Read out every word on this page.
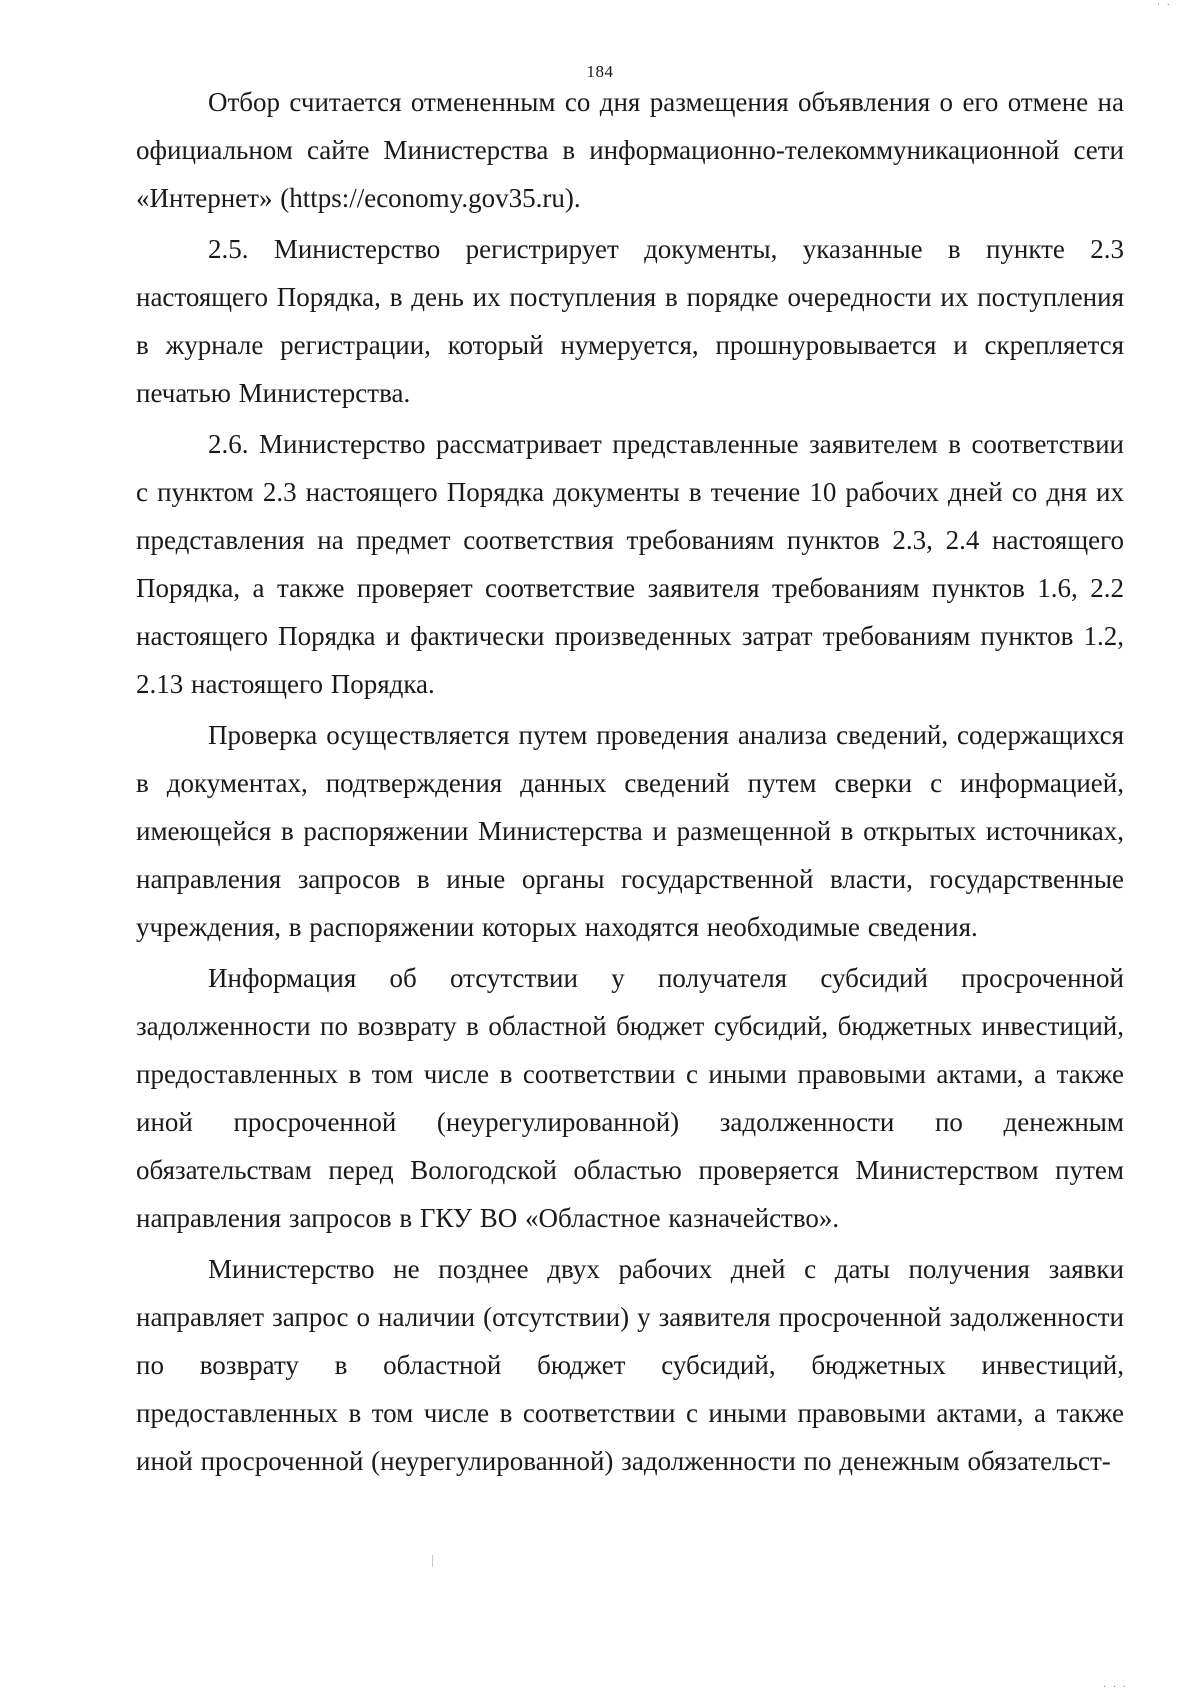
184

Отбор считается отмененным со дня размещения объявления о его отмене на официальном сайте Министерства в информационно-телекоммуникационной сети «Интернет» (https://economy.gov35.ru).

2.5. Министерство регистрирует документы, указанные в пункте 2.3 настоящего Порядка, в день их поступления в порядке очередности их поступления в журнале регистрации, который нумеруется, прошнуровывается и скрепляется печатью Министерства.

2.6. Министерство рассматривает представленные заявителем в соответствии с пунктом 2.3 настоящего Порядка документы в течение 10 рабочих дней со дня их представления на предмет соответствия требованиям пунктов 2.3, 2.4 настоящего Порядка, а также проверяет соответствие заявителя требованиям пунктов 1.6, 2.2 настоящего Порядка и фактически произведенных затрат требованиям пунктов 1.2, 2.13 настоящего Порядка.

Проверка осуществляется путем проведения анализа сведений, содержащихся в документах, подтверждения данных сведений путем сверки с информацией, имеющейся в распоряжении Министерства и размещенной в открытых источниках, направления запросов в иные органы государственной власти, государственные учреждения, в распоряжении которых находятся необходимые сведения.

Информация об отсутствии у получателя субсидий просроченной задолженности по возврату в областной бюджет субсидий, бюджетных инвестиций, предоставленных в том числе в соответствии с иными правовыми актами, а также иной просроченной (неурегулированной) задолженности по денежным обязательствам перед Вологодской областью проверяется Министерством путем направления запросов в ГКУ ВО «Областное казначейство».

Министерство не позднее двух рабочих дней с даты получения заявки направляет запрос о наличии (отсутствии) у заявителя просроченной задолженности по возврату в областной бюджет субсидий, бюджетных инвестиций, предоставленных в том числе в соответствии с иными правовыми актами, а также иной просроченной (неурегулированной) задолженности по денежным обязательст-

· ·
· · ·
